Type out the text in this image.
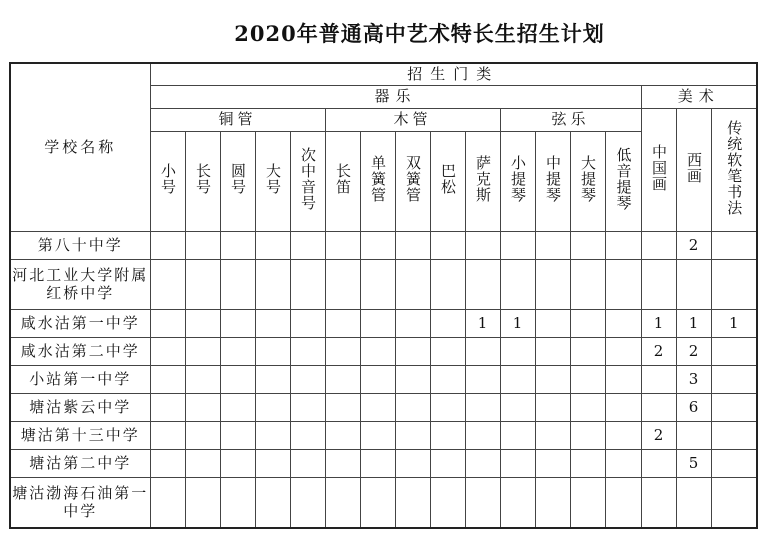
2020年普通高中艺术特长生招生计划
学校名称	招生门类																
	器乐														美术		
	铜管					木管					弦乐				中国画	西画	传统软笔书法
	小号	长号	圆号	大号	次中音号	长笛	单簧管	双簧管	巴松	萨克斯	小提琴	中提琴	大提琴	低音提琴			
第八十中学																2	
河北工业大学附属红桥中学																	
咸水沽第一中学										1	1				1	1	1
咸水沽第二中学															2	2	
小站第一中学																3	
塘沽紫云中学																6	
塘沽第十三中学															2		
塘沽第二中学																5	
塘沽渤海石油第一中学																	
